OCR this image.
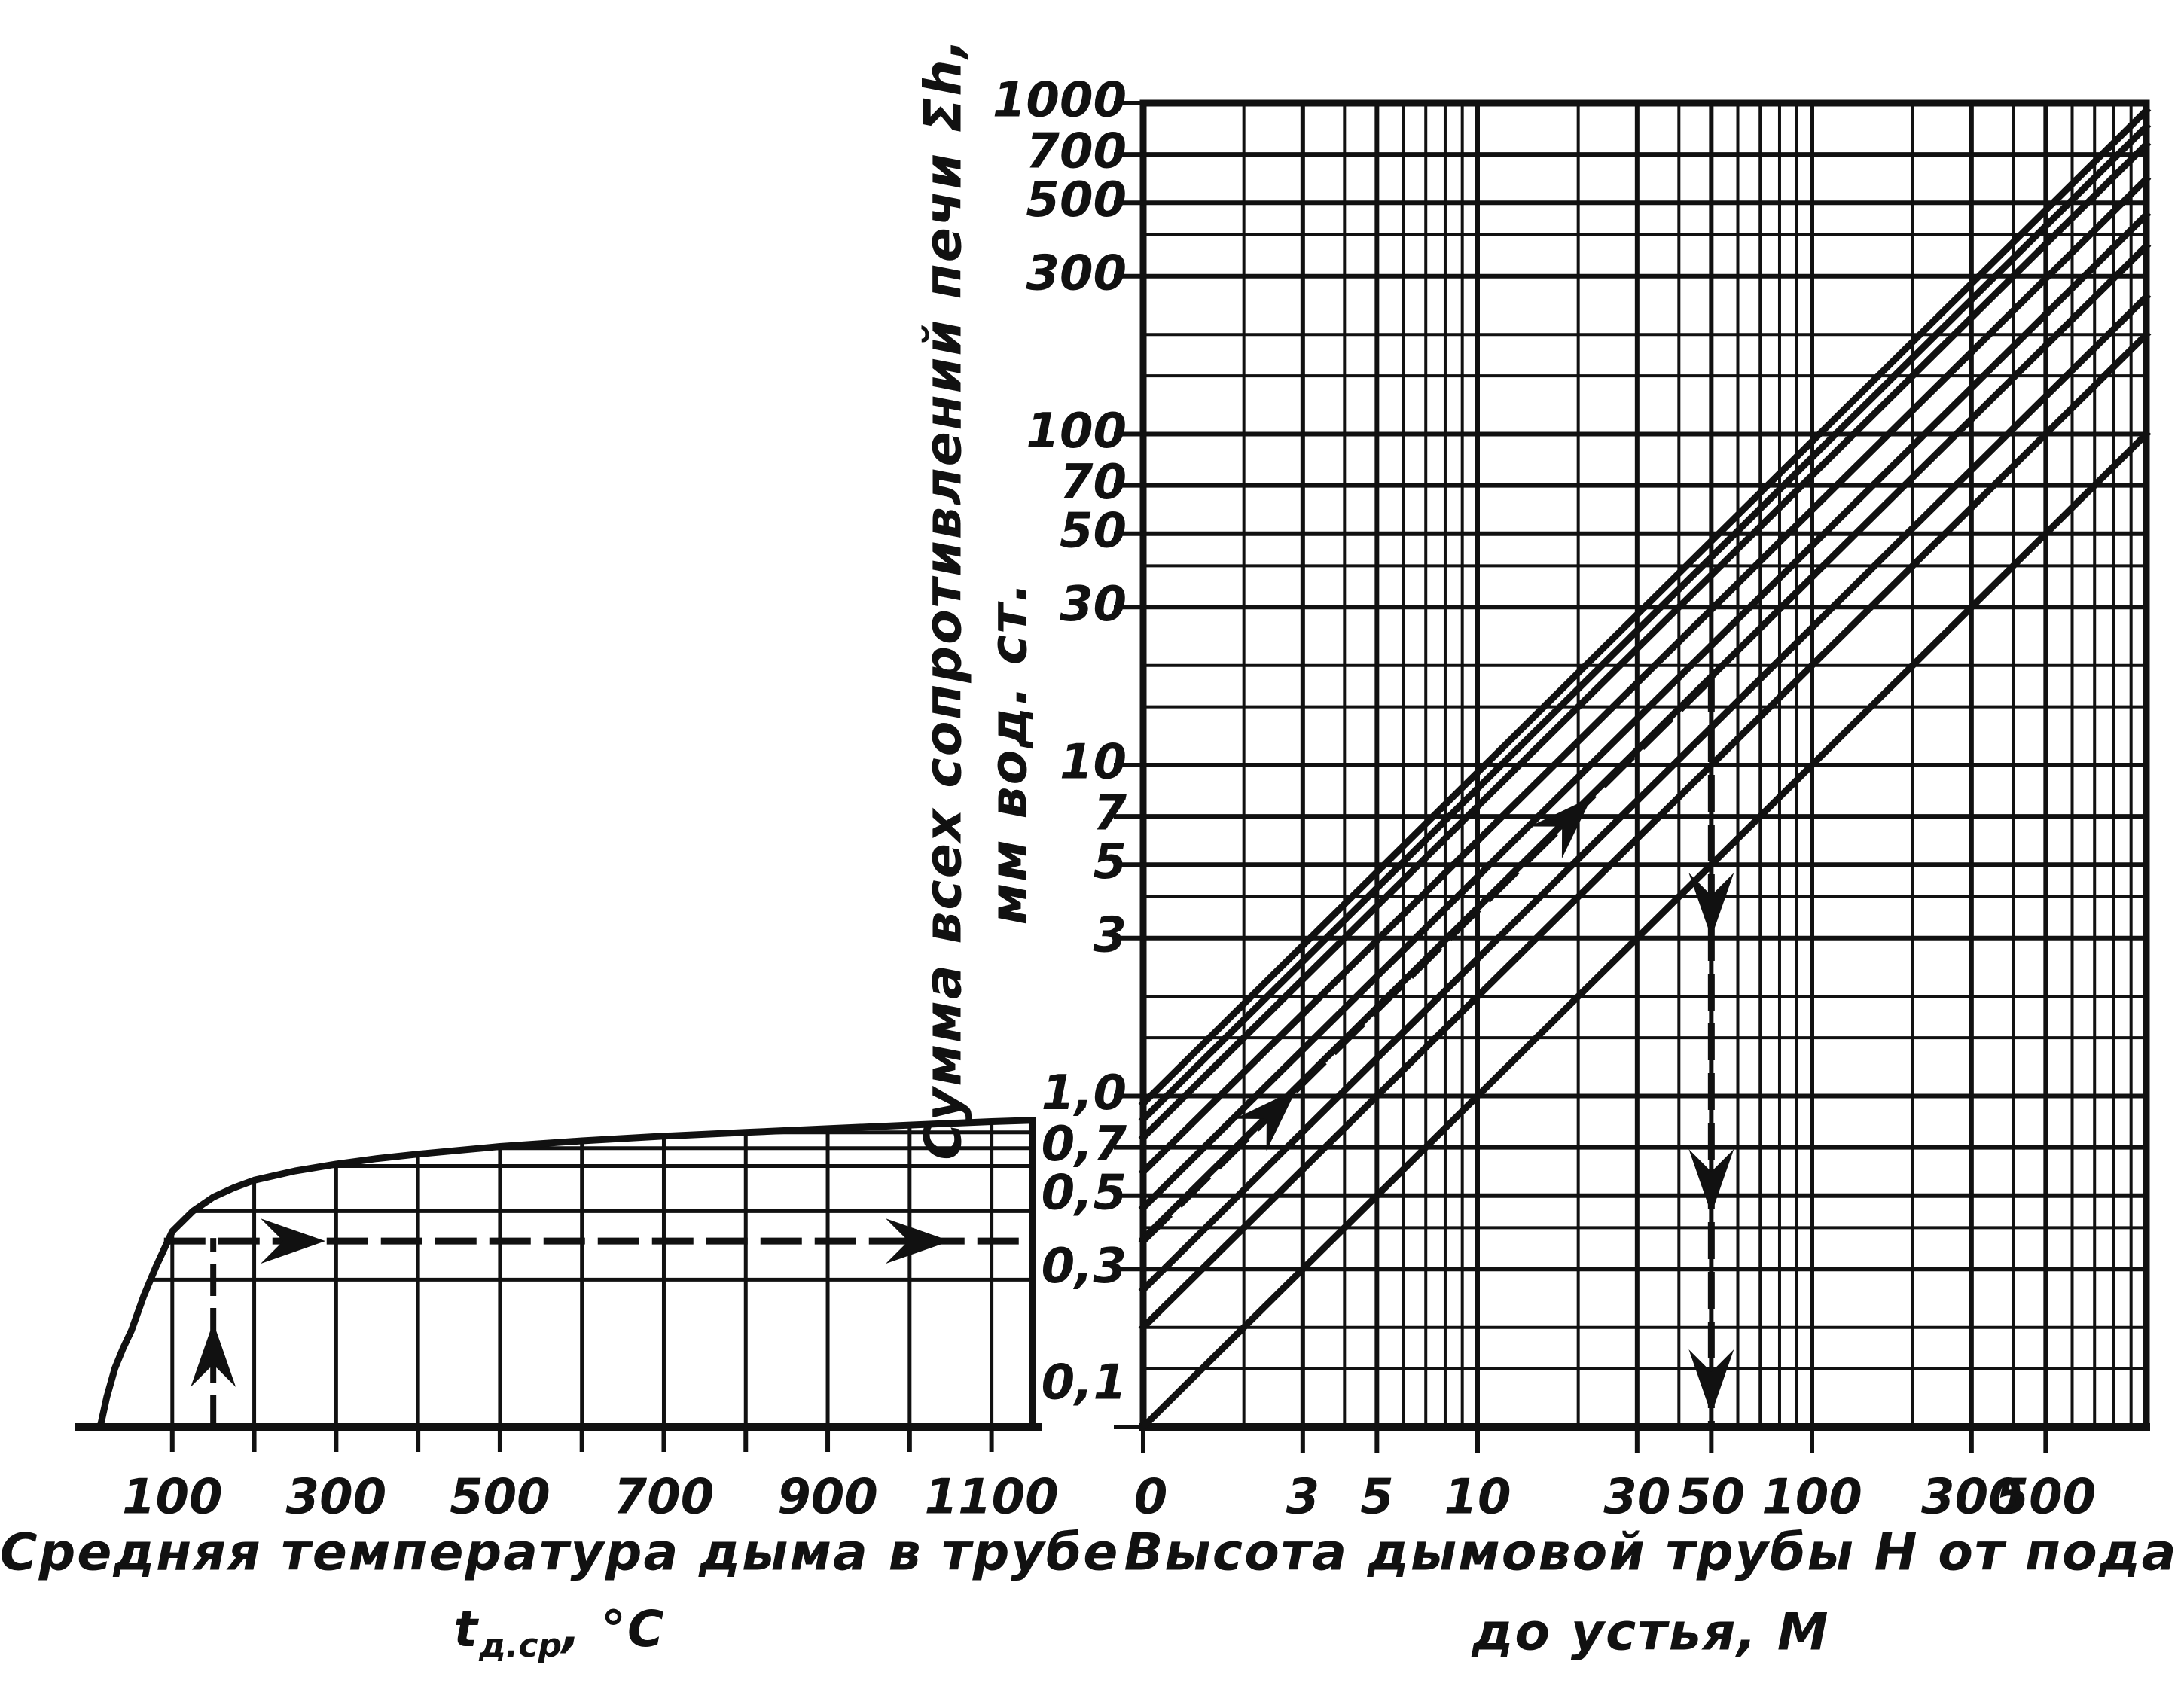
100 300 500 700 900 1100 0 3 5 10 30 50 100 300
500
1000
700
500
300
100
70
50
30
10
7
5
3
1,0
0,7
0,5
0,3
0,1
Средняя температура дыма в трубе
$t_{д.ср}$, °С
Высота дымовой трубы Н от пода
до устья, М
Сумма всех сопротивлений печи Σh, мм вод. ст.
